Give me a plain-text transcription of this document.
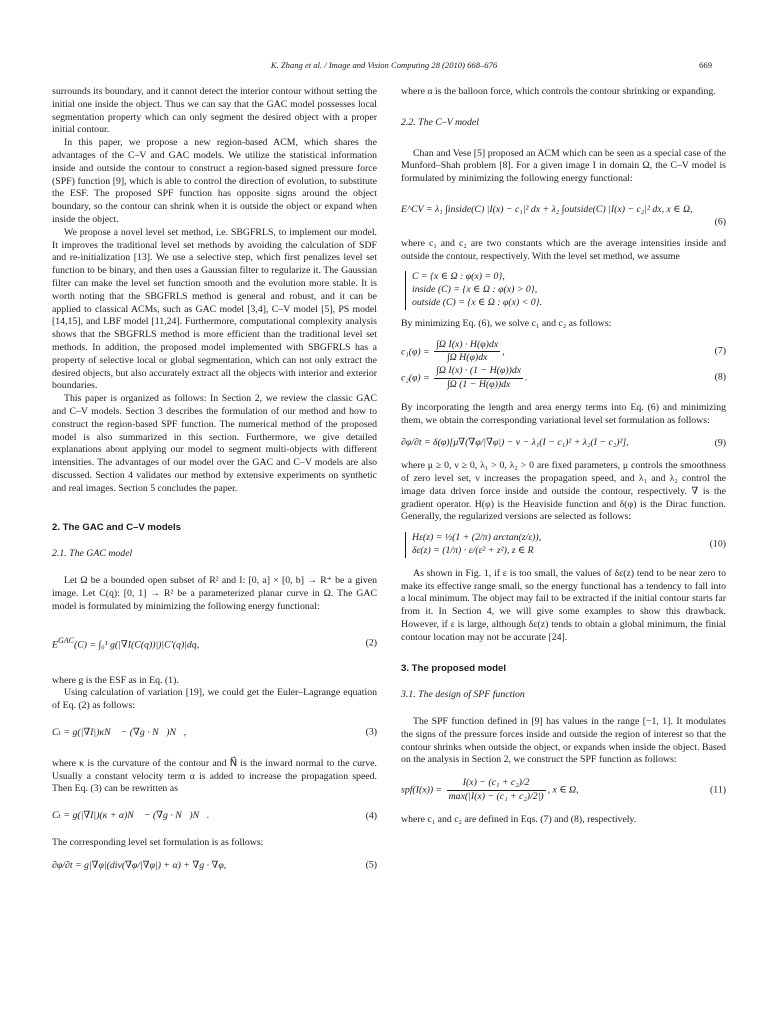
K. Zhang et al. / Image and Vision Computing 28 (2010) 668–676	669

surrounds its boundary, and it cannot detect the interior contour without setting the initial one inside the object. Thus we can say that the GAC model possesses local segmentation property which can only segment the desired object with a proper initial contour.

In this paper, we propose a new region-based ACM, which shares the advantages of the C–V and GAC models. We utilize the statistical information inside and outside the contour to construct a region-based signed pressure force (SPF) function [9], which is able to control the direction of evolution, to substitute the ESF. The proposed SPF function has opposite signs around the object boundary, so the contour can shrink when it is outside the object or expand when inside the object.

We propose a novel level set method, i.e. SBGFRLS, to implement our model. It improves the traditional level set methods by avoiding the calculation of SDF and re-initialization [13]. We use a selective step, which first penalizes level set function to be binary, and then uses a Gaussian filter to regularize it. The Gaussian filter can make the level set function smooth and the evolution more stable. It is worth noting that the SBGFRLS method is general and robust, and it can be applied to classical ACMs, such as GAC model [3,4], C–V model [5], PS model [14,15], and LBF model [11,24]. Furthermore, computational complexity analysis shows that the SBGFRLS method is more efficient than the traditional level set methods. In addition, the proposed model implemented with SBGFRLS has a property of selective local or global segmentation, which can not only extract the desired objects, but also accurately extract all the objects with interior and exterior boundaries.

This paper is organized as follows: In Section 2, we review the classic GAC and C–V models. Section 3 describes the formulation of our method and how to construct the region-based SPF function. The numerical method of the proposed model is also summarized in this section. Furthermore, we give detailed explanations about applying our model to segment multi-objects with different intensities. The advantages of our model over the GAC and C–V models are also discussed. Section 4 validates our method by extensive experiments on synthetic and real images. Section 5 concludes the paper.

2. The GAC and C–V models

2.1. The GAC model

Let Ω be a bounded open subset of R² and I: [0, a] × [0, b] → R⁺ be a given image. Let C(q): [0, 1] → R² be a parameterized planar curve in Ω. The GAC model is formulated by minimizing the following energy functional:

$E^{GAC}(C) = \int_0^1$ g(|∇I(C(q))|)|C′(q)|dq,	(2)

where g is the ESF as in Eq. (1).

Using calculation of variation [19], we could get the Euler–Lagrange equation of Eq. (2) as follows:

Cₜ = g(|∇I|)κN⃗ − (∇g · N⃗)N⃗,	(3)

where κ is the curvature of the contour and N⃗ is the inward normal to the curve. Usually a constant velocity term α is added to increase the propagation speed. Then Eq. (3) can be rewritten as

Cₜ = g(|∇I|)(κ + α)N⃗ − (∇g · N⃗)N⃗.	(4)

The corresponding level set formulation is as follows:

∂φ/∂t = g|∇φ|(div(∇φ/|∇φ|) + α) + ∇g · ∇φ,	(5)

where α is the balloon force, which controls the contour shrinking or expanding.

2.2. The C–V model

Chan and Vese [5] proposed an ACM which can be seen as a special case of the Munford–Shah problem [8]. For a given image I in domain Ω, the C–V model is formulated by minimizing the following energy functional:

E^CV = λ₁ ∫inside(C) |I(x) − c₁|² dx + λ₂ ∫outside(C) |I(x) − c₂|² dx, x ∈ Ω,
(6)

where c₁ and c₂ are two constants which are the average intensities inside and outside the contour, respectively. With the level set method, we assume

C = {x ∈ Ω : φ(x) = 0},
inside (C) = {x ∈ Ω : φ(x) > 0},
outside (C) = {x ∈ Ω : φ(x) < 0}.

By minimizing Eq. (6), we solve c₁ and c₂ as follows:

$c_1(\varphi) = \frac{\text{∫Ω I(x) · H(φ)dx}}{\text{∫Ω H(φ)dx}}$ ,	(7)
$c_2(\varphi) = \frac{\text{∫Ω I(x) · (1 − H(φ))dx}}{\int\Omega (1 - H(\varphi))dx}$ .	(8)

By incorporating the length and area energy terms into Eq. (6) and minimizing them, we obtain the corresponding variational level set formulation as follows:

∂φ/∂t = δ(φ)[μ∇(∇φ/|∇φ|) − ν − λ₁(I − c₁)² + λ₂(I − c₂)²],	(9)

where μ ≥ 0, ν ≥ 0, λ₁ > 0, λ₂ > 0 are fixed parameters, μ controls the smoothness of zero level set, ν increases the propagation speed, and λ₁ and λ₂ control the image data driven force inside and outside the contour, respectively. ∇ is the gradient operator. H(φ) is the Heaviside function and δ(φ) is the Dirac function. Generally, the regularized versions are selected as follows:

Hε(z) = ½(1 + (2/π) arctan(z/ε)),
δε(z) = (1/π) · ε/(ε² + z²), z ∈ R
(10)

As shown in Fig. 1, if ε is too small, the values of δε(z) tend to be near zero to make its effective range small, so the energy functional has a tendency to fall into a local minimum. The object may fail to be extracted if the initial contour starts far from it. In Section 4, we will give some examples to show this drawback. However, if ε is large, although δε(z) tends to obtain a global minimum, the finial contour location may not be accurate [24].

3. The proposed model

3.1. The design of SPF function

The SPF function defined in [9] has values in the range [−1, 1]. It modulates the signs of the pressure forces inside and outside the region of interest so that the contour shrinks when outside the object, or expands when inside the object. Based on the analysis in Section 2, we construct the SPF function as follows:

$spf(I(x)) = \frac{\text{I(x) − (c₁ + c₂)/2}}{\text{max(|I(x) − (c₁ + c₂)/2|)}}$ , x ∈ Ω,	(11)

where c₁ and c₂ are defined in Eqs. (7) and (8), respectively.
